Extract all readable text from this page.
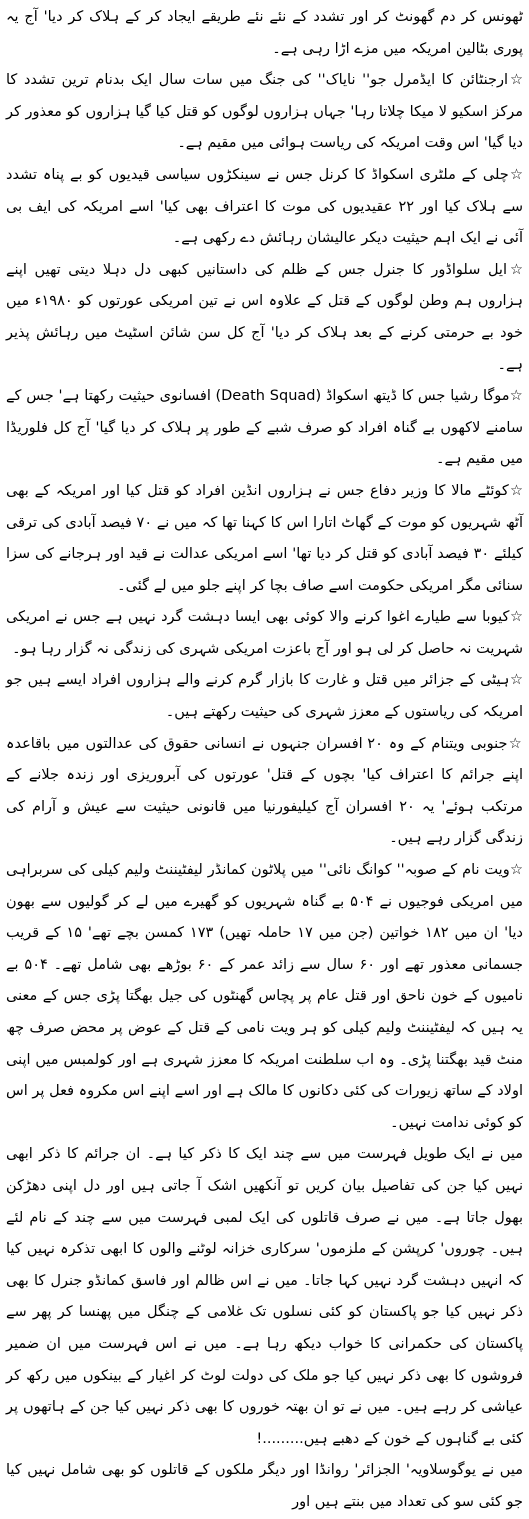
ٹھونس کر دم گھونٹ کر اور تشدد کے نئے نئے طریقے ایجاد کر کے ہلاک کر دیا' آج یہ پوری بٹالین امریکہ میں مزے اڑا رہی ہے۔

☆ارجنٹائن کا ایڈمرل جو'' نایاک'' کی جنگ میں سات سال ایک بدنام ترین تشدد کا مرکز اسکیو لا میکا چلاتا رہا' جہاں ہزاروں لوگوں کو قتل کیا گیا ہزاروں کو معذور کر دیا گیا' اس وقت امریکہ کی ریاست ہوائی میں مقیم ہے۔

☆چلی کے ملٹری اسکواڈ کا کرنل جس نے سینکڑوں سیاسی قیدیوں کو بے پناہ تشدد سے ہلاک کیا اور ۲۲ عقیدیوں کی موت کا اعتراف بھی کیا' اسے امریکہ کی ایف بی آئی نے ایک اہم حیثیت دیکر عالیشان رہائش دے رکھی ہے۔

☆ایل سلواڈور کا جنرل جس کے ظلم کی داستانیں کبھی دل دہلا دیتی تھیں اپنے ہزاروں ہم وطن لوگوں کے قتل کے علاوہ اس نے تین امریکی عورتوں کو ۱۹۸۰ء میں خود بے حرمتی کرنے کے بعد ہلاک کر دیا' آج کل سن شائن اسٹیٹ میں رہائش پذیر ہے۔

☆موگا رشیا جس کا ڈیتھ اسکواڈ (Death Squad) افسانوی حیثیت رکھتا ہے' جس کے سامنے لاکھوں بے گناہ افراد کو صرف شبے کے طور پر ہلاک کر دیا گیا' آج کل فلوریڈا میں مقیم ہے۔

☆کوئٹے مالا کا وزیر دفاع جس نے ہزاروں انڈین افراد کو قتل کیا اور امریکہ کے بھی آٹھ شہریوں کو موت کے گھاٹ اتارا اس کا کہنا تھا کہ میں نے ۷۰ فیصد آبادی کی ترقی کیلئے ۳۰ فیصد آبادی کو قتل کر دیا تھا' اسے امریکی عدالت نے قید اور ہرجانے کی سزا سنائی مگر امریکی حکومت اسے صاف بچا کر اپنے جلو میں لے گئی۔

☆کیوبا سے طیارے اغوا کرنے والا کوئی بھی ایسا دہشت گرد نہیں ہے جس نے امریکی شہریت نہ حاصل کر لی ہو اور آج باعزت امریکی شہری کی زندگی نہ گزار رہا ہو۔

☆ہیٹی کے جزائر میں قتل و غارت کا بازار گرم کرنے والے ہزاروں افراد ایسے ہیں جو امریکہ کی ریاستوں کے معزز شہری کی حیثیت رکھتے ہیں۔

☆جنوبی ویتنام کے وہ ۲۰ افسران جنہوں نے انسانی حقوق کی عدالتوں میں باقاعدہ اپنے جرائم کا اعتراف کیا' بچوں کے قتل' عورتوں کی آبروریزی اور زندہ جلانے کے مرتکب ہوئے' یہ ۲۰ افسران آج کیلیفورنیا میں قانونی حیثیت سے عیش و آرام کی زندگی گزار رہے ہیں۔

☆ویت نام کے صوبہ'' کوانگ نائی'' میں پلاٹون کمانڈر لیفٹیننٹ ولیم کیلی کی سربراہی میں امریکی فوجیوں نے ۵۰۴ بے گناہ شہریوں کو گھیرے میں لے کر گولیوں سے بھون دیا' ان میں ۱۸۲ خواتین (جن میں ۱۷ حاملہ تھیں) ۱۷۳ کمسن بچے تھے' ۱۵ کے قریب جسمانی معذور تھے اور ۶۰ سال سے زائد عمر کے ۶۰ بوڑھے بھی شامل تھے۔ ۵۰۴ بے نامیوں کے خون ناحق اور قتل عام پر پچاس گھنٹوں کی جیل بھگتا پڑی جس کے معنی یہ ہیں کہ لیفٹیننٹ ولیم کیلی کو ہر ویت نامی کے قتل کے عوض پر محض صرف چھ منٹ قید بھگتنا پڑی۔ وہ اب سلطنت امریکہ کا معزز شہری ہے اور کولمبس میں اپنی اولاد کے ساتھ زیورات کی کئی دکانوں کا مالک ہے اور اسے اپنے اس مکروہ فعل پر اس کو کوئی ندامت نہیں۔

میں نے ایک طویل فہرست میں سے چند ایک کا ذکر کیا ہے۔ ان جرائم کا ذکر ابھی نہیں کیا جن کی تفاصیل بیان کریں تو آنکھیں اشک آ جاتی ہیں اور دل اپنی دھڑکن بھول جاتا ہے۔ میں نے صرف قاتلوں کی ایک لمبی فہرست میں سے چند کے نام لئے ہیں۔ چوروں' کرپشن کے ملزموں' سرکاری خزانہ لوٹنے والوں کا ابھی تذکرہ نہیں کیا کہ انہیں دہشت گرد نہیں کہا جاتا۔ میں نے اس ظالم اور فاسق کمانڈو جنرل کا بھی ذکر نہیں کیا جو پاکستان کو کئی نسلوں تک غلامی کے چنگل میں پھنسا کر پھر سے پاکستان کی حکمرانی کا خواب دیکھ رہا ہے۔ میں نے اس فہرست میں ان ضمیر فروشوں کا بھی ذکر نہیں کیا جو ملک کی دولت لوٹ کر اغیار کے بینکوں میں رکھ کر عیاشی کر رہے ہیں۔ میں نے تو ان بھتہ خوروں کا بھی ذکر نہیں کیا جن کے ہاتھوں پر کئی بے گناہوں کے خون کے دھبے ہیں.........!

میں نے یوگوسلاویہ' الجزائر' روانڈا اور دیگر ملکوں کے قاتلوں کو بھی شامل نہیں کیا جو کئی سو کی تعداد میں بنتے ہیں اور
